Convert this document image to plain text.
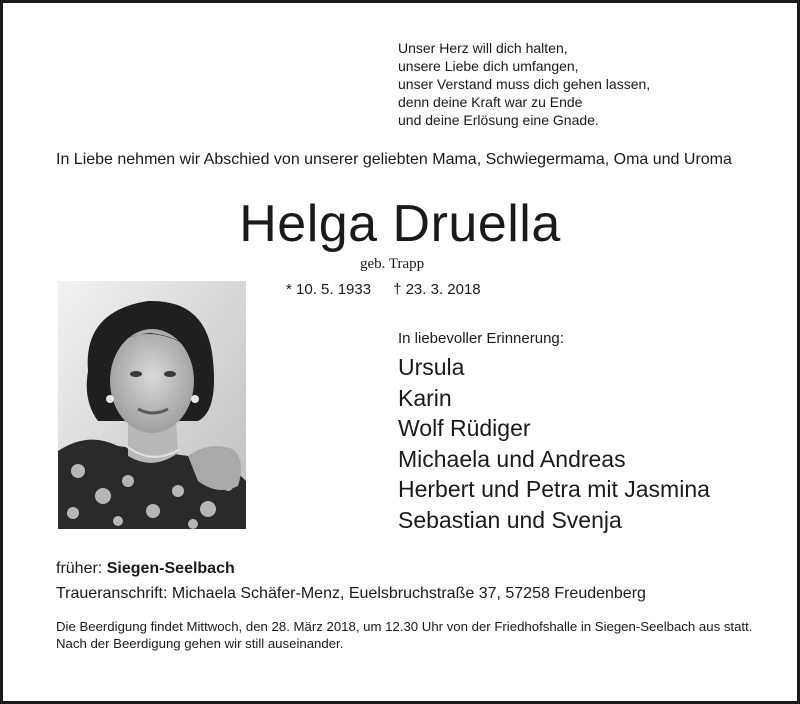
Unser Herz will dich halten,
unsere Liebe dich umfangen,
unser Verstand muss dich gehen lassen,
denn deine Kraft war zu Ende
und deine Erlösung eine Gnade.
In Liebe nehmen wir Abschied von unserer geliebten Mama, Schwiegermama, Oma und Uroma
Helga Druella
geb. Trapp
* 10. 5. 1933 † 23. 3. 2018
In liebevoller Erinnerung:
Ursula
Karin
Wolf Rüdiger
Michaela und Andreas
Herbert und Petra mit Jasmina
Sebastian und Svenja
früher: Siegen-Seelbach
Traueranschrift: Michaela Schäfer-Menz, Euelsbruchstraße 37, 57258 Freudenberg
Die Beerdigung findet Mittwoch, den 28. März 2018, um 12.30 Uhr von der Friedhofshalle in Siegen-Seelbach aus statt.
Nach der Beerdigung gehen wir still auseinander.
